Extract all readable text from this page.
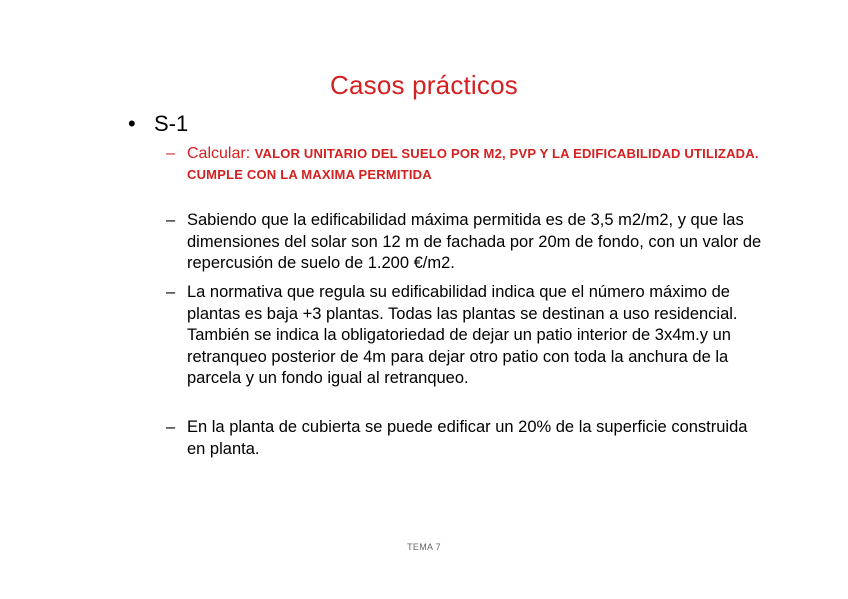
Casos prácticos
• S-1
– Calcular: VALOR UNITARIO DEL SUELO POR M2, PVP Y LA EDIFICABILIDAD UTILIZADA. CUMPLE CON LA MAXIMA PERMITIDA
– Sabiendo que la edificabilidad máxima permitida es de 3,5 m2/m2, y que las dimensiones del solar son 12 m de fachada por 20m de fondo, con un valor de repercusión de suelo de 1.200 €/m2.
– La normativa que regula su edificabilidad indica que el número máximo de plantas es baja +3 plantas. Todas las plantas se destinan a uso residencial. También se indica la obligatoriedad de dejar un patio interior de 3x4m.y un retranqueo posterior de 4m para dejar otro patio con toda la anchura de la parcela y un fondo igual al retranqueo.
– En la planta de cubierta se puede edificar un 20% de la superficie construida en planta.
TEMA 7
